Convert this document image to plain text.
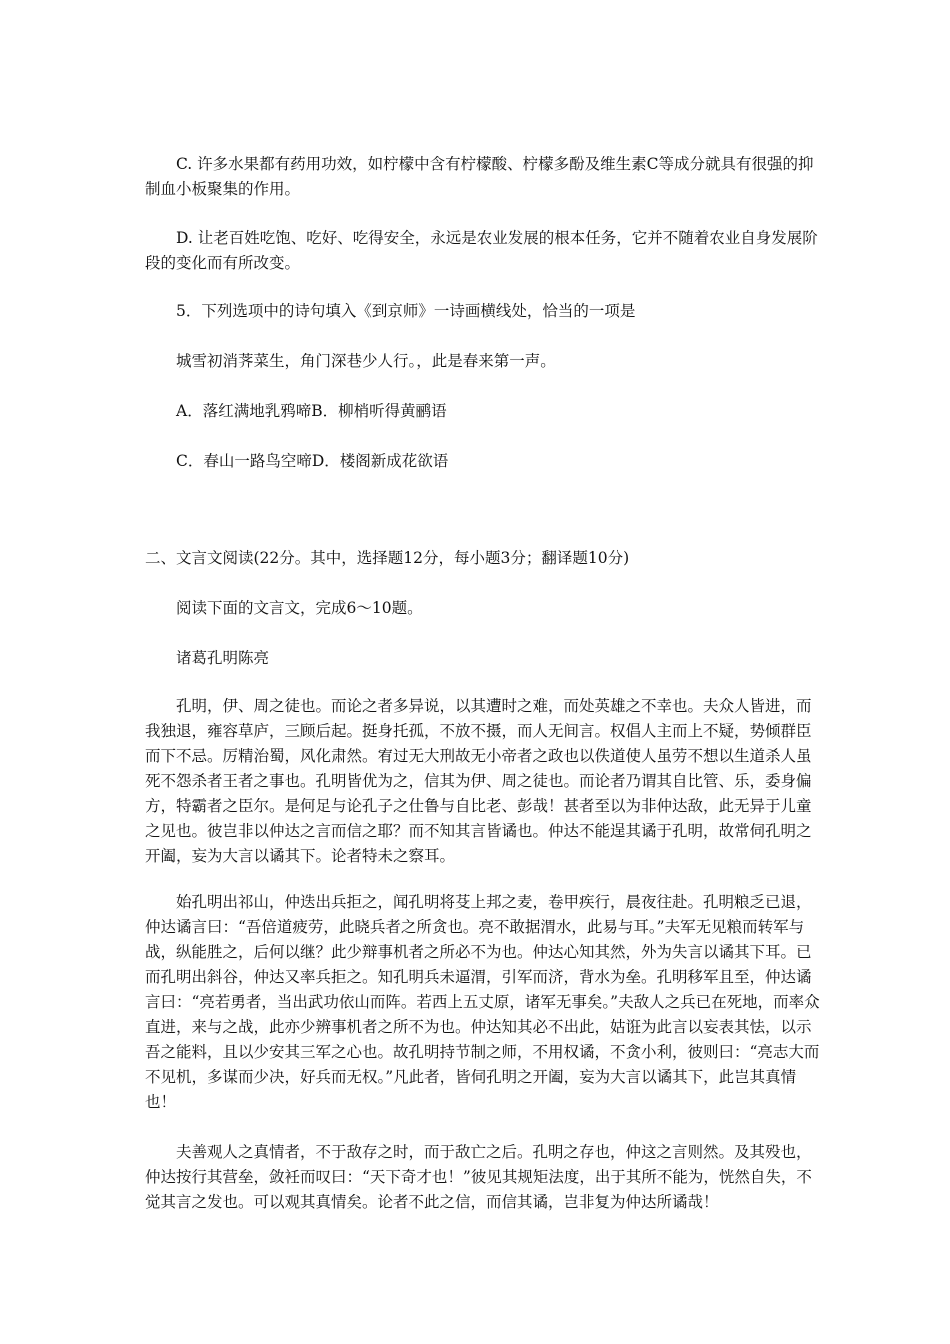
C. 许多水果都有药用功效，如柠檬中含有柠檬酸、柠檬多酚及维生素C等成分就具有很强的抑制血小板聚集的作用。

D. 让老百姓吃饱、吃好、吃得安全，永远是农业发展的根本任务，它并不随着农业自身发展阶段的变化而有所改变。

5．下列选项中的诗句填入《到京师》一诗画横线处，恰当的一项是

城雪初消荠菜生，角门深巷少人行。，此是春来第一声。

A．落红满地乳鸦啼B．柳梢听得黄鹂语

C．春山一路鸟空啼D．楼阁新成花欲语

二、文言文阅读(22分。其中，选择题12分，每小题3分；翻译题10分)

阅读下面的文言文，完成6～10题。

诸葛孔明陈亮

孔明，伊、周之徒也。而论之者多异说，以其遭时之难，而处英雄之不幸也。夫众人皆进，而我独退，雍容草庐，三顾后起。挺身托孤，不放不摄，而人无间言。权倡人主而上不疑，势倾群臣而下不忌。厉精治蜀，风化肃然。宥过无大刑故无小帝者之政也以佚道使人虽劳不想以生道杀人虽死不怨杀者王者之事也。孔明皆优为之，信其为伊、周之徒也。而论者乃谓其自比管、乐，委身偏方，特霸者之臣尔。是何足与论孔子之仕鲁与自比老、彭哉！甚者至以为非仲达敌，此无异于儿童之见也。彼岂非以仲达之言而信之耶？而不知其言皆谲也。仲达不能逞其谲于孔明，故常伺孔明之开阖，妄为大言以谲其下。论者特未之察耳。

始孔明出祁山，仲迭出兵拒之，闻孔明将芟上邦之麦，卷甲疾行，晨夜往赴。孔明粮乏已退，仲达谲言曰：“吾倍道疲劳，此晓兵者之所贪也。亮不敢据渭水，此易与耳。”夫军无见粮而转军与战，纵能胜之，后何以继？此少辩事机者之所必不为也。仲达心知其然，外为失言以谲其下耳。已而孔明出斜谷，仲达又率兵拒之。知孔明兵未逼渭，引军而济，背水为垒。孔明移军且至，仲达谲言曰：“亮若勇者，当出武功依山而阵。若西上五丈原，诸军无事矣。”夫敌人之兵已在死地，而率众直进，来与之战，此亦少辨事机者之所不为也。仲达知其必不出此，姑诳为此言以妄表其怯，以示吾之能料，且以少安其三军之心也。故孔明持节制之师，不用权谲，不贪小利，彼则曰：“亮志大而不见机，多谋而少决，好兵而无权。”凡此者，皆伺孔明之开阖，妄为大言以谲其下，此岂其真情也！

夫善观人之真情者，不于敌存之时，而于敌亡之后。孔明之存也，仲这之言则然。及其殁也，仲达按行其营垒，敛衽而叹曰：“天下奇才也！”彼见其规矩法度，出于其所不能为，恍然自失，不觉其言之发也。可以观其真情矣。论者不此之信，而信其谲，岂非复为仲达所谲哉！
